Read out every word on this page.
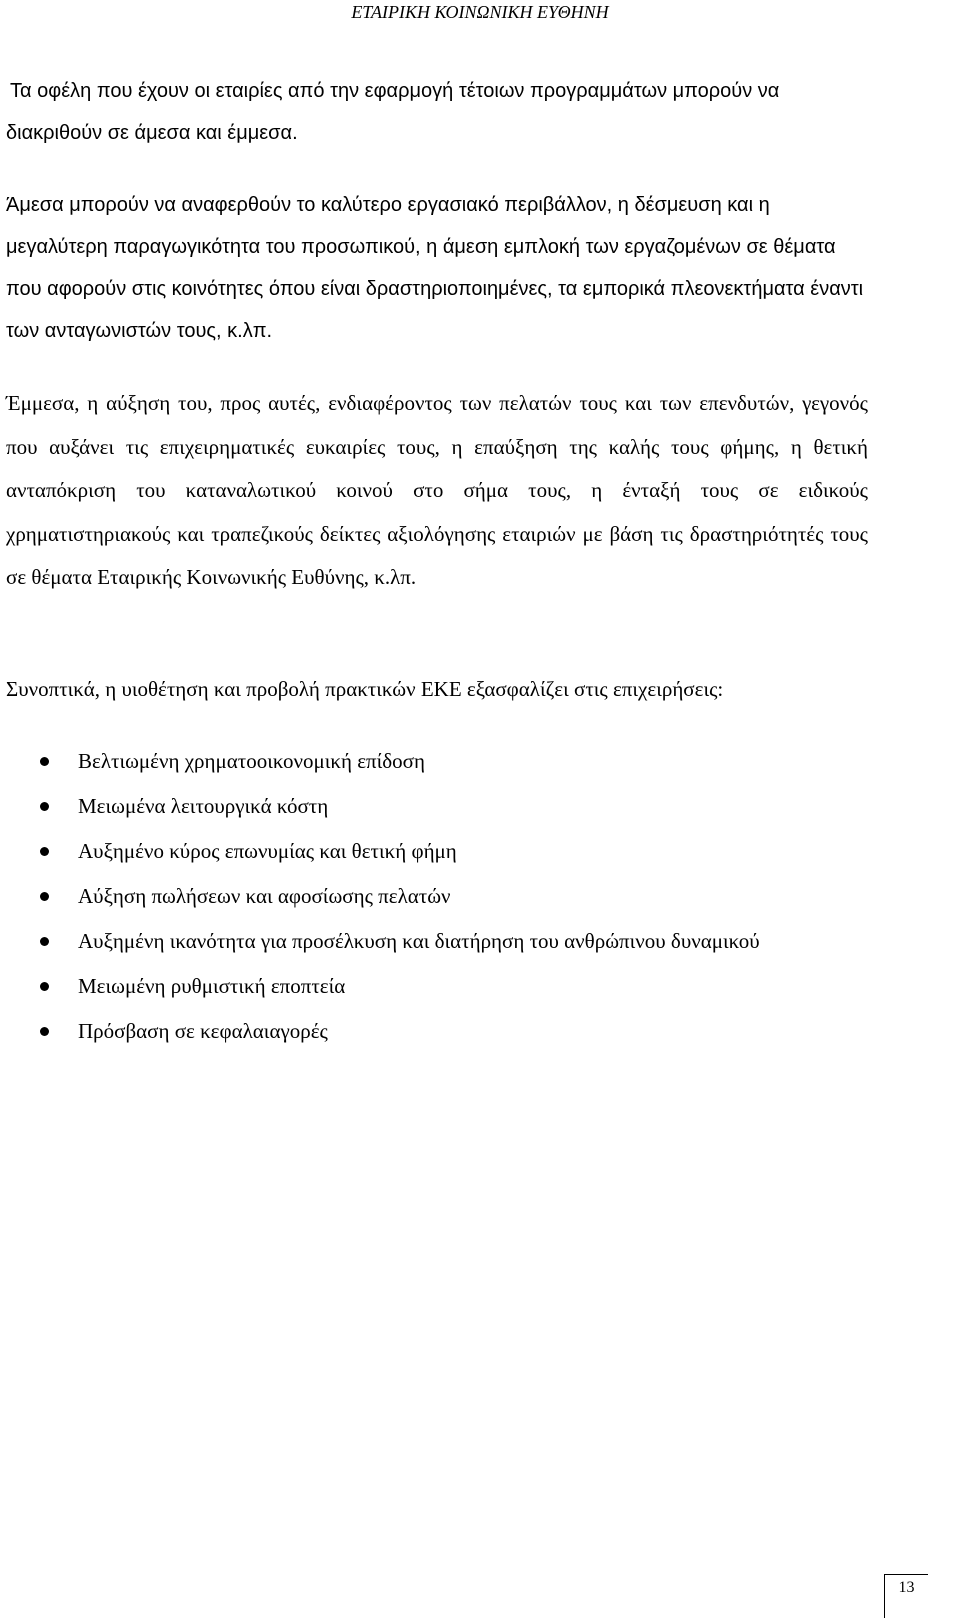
ΕΤΑΙΡΙΚΗ ΚΟΙΝΩΝΙΚΗ ΕΥΘΗΝΗ

Τα οφέλη που έχουν οι εταιρίες από την εφαρμογή τέτοιων προγραμμάτων μπορούν να διακριθούν σε άμεσα και έμμεσα.

Άμεσα μπορούν να αναφερθούν το καλύτερο εργασιακό περιβάλλον, η δέσμευση και η μεγαλύτερη παραγωγικότητα του προσωπικού, η άμεση εμπλοκή των εργαζομένων σε θέματα που αφορούν στις κοινότητες όπου είναι δραστηριοποιημένες, τα εμπορικά πλεονεκτήματα έναντι των ανταγωνιστών τους, κ.λπ.

Έμμεσα, η αύξηση του, προς αυτές, ενδιαφέροντος των πελατών τους και των επενδυτών, γεγονός που αυξάνει τις επιχειρηματικές ευκαιρίες τους, η επαύξηση της καλής τους φήμης, η θετική ανταπόκριση του καταναλωτικού κοινού στο σήμα τους, η ένταξή τους σε ειδικούς χρηματιστηριακούς και τραπεζικούς δείκτες αξιολόγησης εταιριών με βάση τις δραστηριότητές τους σε θέματα Εταιρικής Κοινωνικής Ευθύνης, κ.λπ.

Συνοπτικά, η υιοθέτηση και προβολή πρακτικών ΕΚΕ εξασφαλίζει στις επιχειρήσεις:

Βελτιωμένη χρηματοοικονομική επίδοση
Μειωμένα λειτουργικά κόστη
Αυξημένο κύρος επωνυμίας και θετική φήμη
Αύξηση πωλήσεων και αφοσίωσης πελατών
Αυξημένη ικανότητα για προσέλκυση και διατήρηση του ανθρώπινου δυναμικού
Μειωμένη ρυθμιστική εποπτεία
Πρόσβαση σε κεφαλαιαγορές
13
